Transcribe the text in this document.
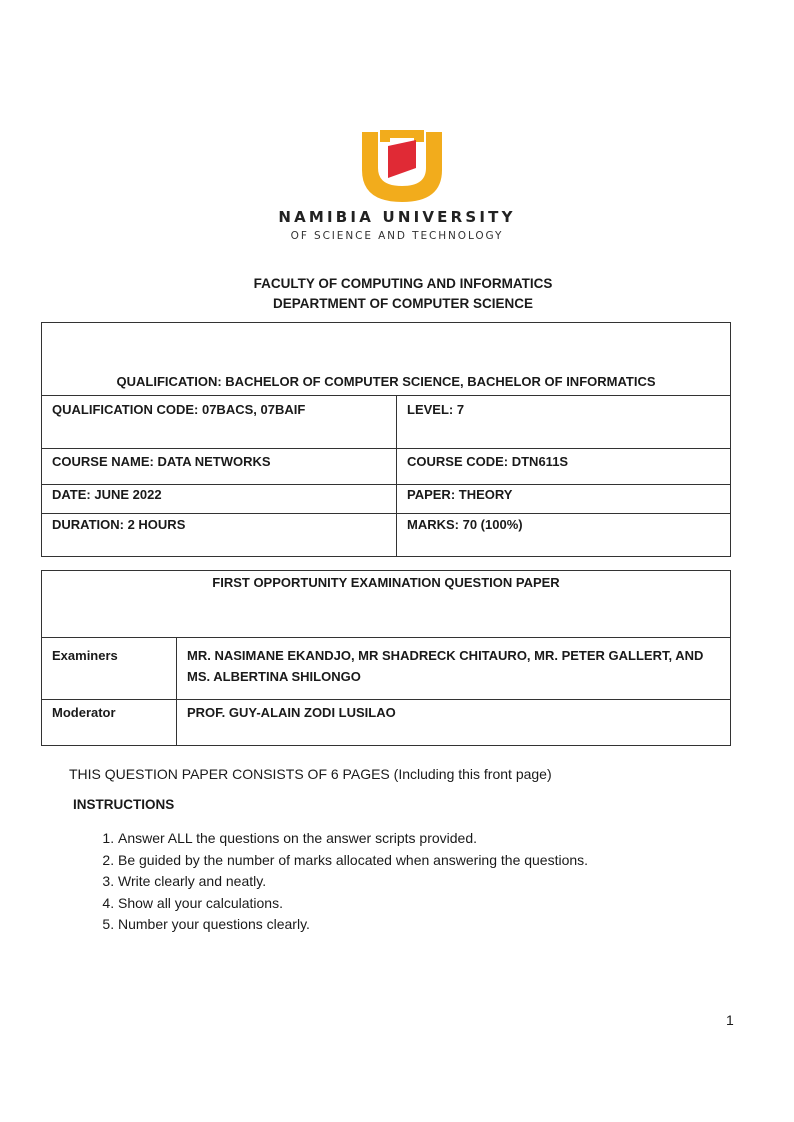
NAMIBIA UNIVERSITY
OF SCIENCE AND TECHNOLOGY
FACULTY OF COMPUTING AND INFORMATICS
DEPARTMENT OF COMPUTER SCIENCE
QUALIFICATION: BACHELOR OF COMPUTER SCIENCE, BACHELOR OF INFORMATICS	
QUALIFICATION CODE: 07BACS, 07BAIF	LEVEL: 7
COURSE NAME: DATA NETWORKS	COURSE CODE: DTN611S
DATE: JUNE 2022	PAPER: THEORY
DURATION: 2 HOURS	MARKS: 70 (100%)
FIRST OPPORTUNITY EXAMINATION QUESTION PAPER	
Examiners	MR. NASIMANE EKANDJO, MR SHADRECK CHITAURO, MR. PETER GALLERT, AND
MS. ALBERTINA SHILONGO

Moderator	PROF. GUY-ALAIN ZODI LUSILAO
THIS QUESTION PAPER CONSISTS OF 6 PAGES (Including this front page)
INSTRUCTIONS
1. Answer ALL the questions on the answer scripts provided.
2. Be guided by the number of marks allocated when answering the questions.
3. Write clearly and neatly.
4. Show all your calculations.
5. Number your questions clearly.
1
